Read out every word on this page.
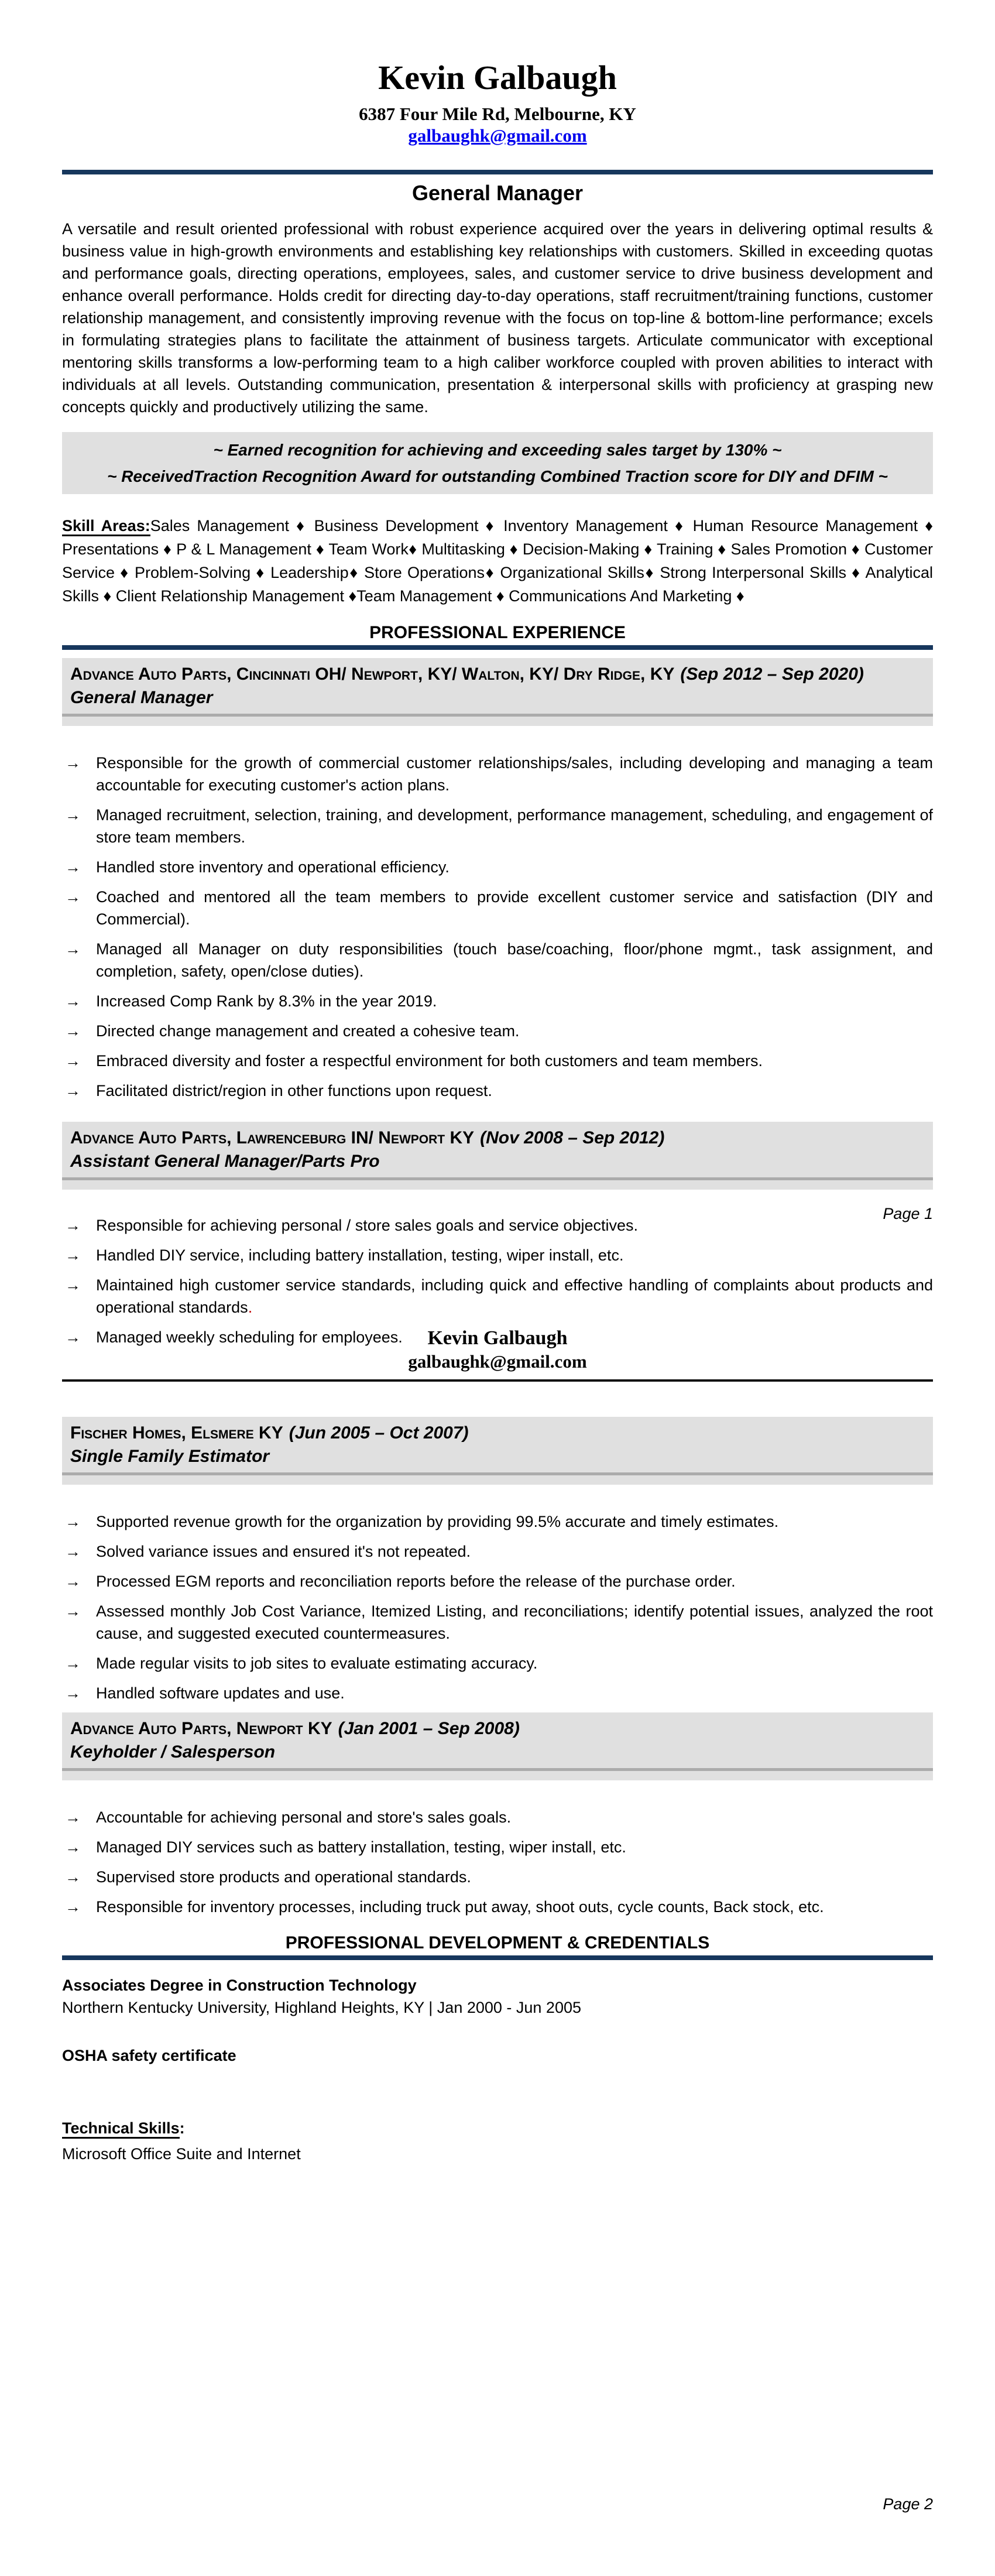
Kevin Galbaugh
6387 Four Mile Rd, Melbourne, KY
galbaughk@gmail.com
General Manager

A versatile and result oriented professional with robust experience acquired over the years in delivering optimal results & business value in high-growth environments and establishing key relationships with customers. Skilled in exceeding quotas and performance goals, directing operations, employees, sales, and customer service to drive business development and enhance overall performance. Holds credit for directing day-to-day operations, staff recruitment/training functions, customer relationship management, and consistently improving revenue with the focus on top-line & bottom-line performance; excels in formulating strategies plans to facilitate the attainment of business targets. Articulate communicator with exceptional mentoring skills transforms a low-performing team to a high caliber workforce coupled with proven abilities to interact with individuals at all levels. Outstanding communication, presentation & interpersonal skills with proficiency at grasping new concepts quickly and productively utilizing the same.

~ Earned recognition for achieving and exceeding sales target by 130% ~
~ ReceivedTraction Recognition Award for outstanding Combined Traction score for DIY and DFIM ~

Skill Areas:Sales Management ♦ Business Development ♦ Inventory Management ♦ Human Resource Management ♦ Presentations ♦ P & L Management ♦ Team Work♦ Multitasking ♦ Decision-Making ♦ Training ♦ Sales Promotion ♦ Customer Service ♦ Problem-Solving ♦ Leadership♦ Store Operations♦ Organizational Skills♦ Strong Interpersonal Skills ♦ Analytical Skills ♦ Client Relationship Management ♦Team Management ♦ Communications And Marketing ♦

PROFESSIONAL EXPERIENCE
Advance Auto Parts, Cincinnati OH/ Newport, KY/ Walton, KY/ Dry Ridge, KY (Sep 2012 – Sep 2020)
General Manager
→ Responsible for the growth of commercial customer relationships/sales, including developing and managing a team accountable for executing customer's action plans.
→ Managed recruitment, selection, training, and development, performance management, scheduling, and engagement of store team members.
→ Handled store inventory and operational efficiency.
→ Coached and mentored all the team members to provide excellent customer service and satisfaction (DIY and Commercial).
→ Managed all Manager on duty responsibilities (touch base/coaching, floor/phone mgmt., task assignment, and completion, safety, open/close duties).
→ Increased Comp Rank by 8.3% in the year 2019.
→ Directed change management and created a cohesive team.
→ Embraced diversity and foster a respectful environment for both customers and team members.
→ Facilitated district/region in other functions upon request.
Advance Auto Parts, Lawrenceburg IN/ Newport KY (Nov 2008 – Sep 2012)
Assistant General Manager/Parts Pro
→ Responsible for achieving personal / store sales goals and service objectives.
→ Handled DIY service, including battery installation, testing, wiper install, etc.
→ Maintained high customer service standards, including quick and effective handling of complaints about products and operational standards.
→ Managed weekly scheduling for employees.
Page 1
Kevin Galbaugh
galbaughk@gmail.com
Fischer Homes, Elsmere KY (Jun 2005 – Oct 2007)
Single Family Estimator
→ Supported revenue growth for the organization by providing 99.5% accurate and timely estimates.
→ Solved variance issues and ensured it's not repeated.
→ Processed EGM reports and reconciliation reports before the release of the purchase order.
→ Assessed monthly Job Cost Variance, Itemized Listing, and reconciliations; identify potential issues, analyzed the root cause, and suggested executed countermeasures.
→ Made regular visits to job sites to evaluate estimating accuracy.
→ Handled software updates and use.
Advance Auto Parts, Newport KY (Jan 2001 – Sep 2008)
Keyholder / Salesperson
→ Accountable for achieving personal and store's sales goals.
→ Managed DIY services such as battery installation, testing, wiper install, etc.
→ Supervised store products and operational standards.
→ Responsible for inventory processes, including truck put away, shoot outs, cycle counts, Back stock, etc.
PROFESSIONAL DEVELOPMENT & CREDENTIALS
Associates Degree in Construction Technology
Northern Kentucky University, Highland Heights, KY | Jan 2000 - Jun 2005
OSHA safety certificate
Technical Skills:
Microsoft Office Suite and Internet
Page 2
